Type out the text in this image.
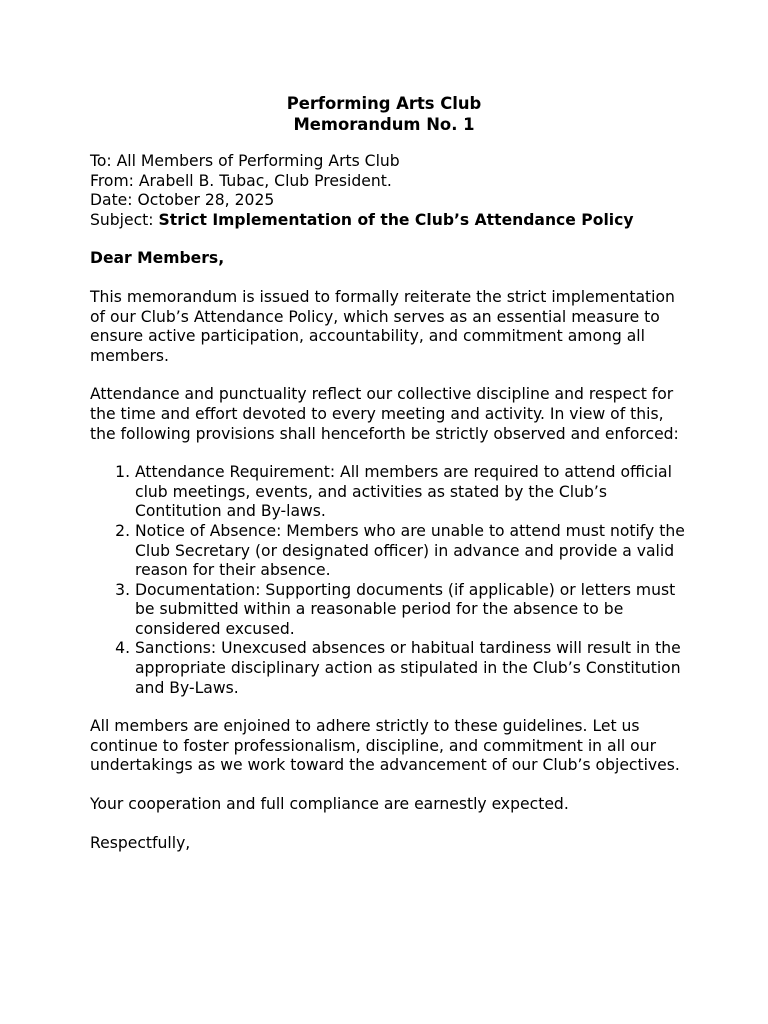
Performing Arts Club
Memorandum No. 1
To: All Members of Performing Arts Club
From: Arabell B. Tubac, Club President.
Date: October 28, 2025
Subject: Strict Implementation of the Club’s Attendance Policy
Dear Members,

This memorandum is issued to formally reiterate the strict implementation of our Club’s Attendance Policy, which serves as an essential measure to ensure active participation, accountability, and commitment among all members.

Attendance and punctuality reflect our collective discipline and respect for the time and effort devoted to every meeting and activity. In view of this, the following provisions shall henceforth be strictly observed and enforced:

1. Attendance Requirement: All members are required to attend official club meetings, events, and activities as stated by the Club’s Contitution and By-laws.
2. Notice of Absence: Members who are unable to attend must notify the Club Secretary (or designated officer) in advance and provide a valid reason for their absence.
3. Documentation: Supporting documents (if applicable) or letters must be submitted within a reasonable period for the absence to be considered excused.
4. Sanctions: Unexcused absences or habitual tardiness will result in the appropriate disciplinary action as stipulated in the Club’s Constitution and By-Laws.

All members are enjoined to adhere strictly to these guidelines. Let us continue to foster professionalism, discipline, and commitment in all our undertakings as we work toward the advancement of our Club’s objectives.

Your cooperation and full compliance are earnestly expected.

Respectfully,
